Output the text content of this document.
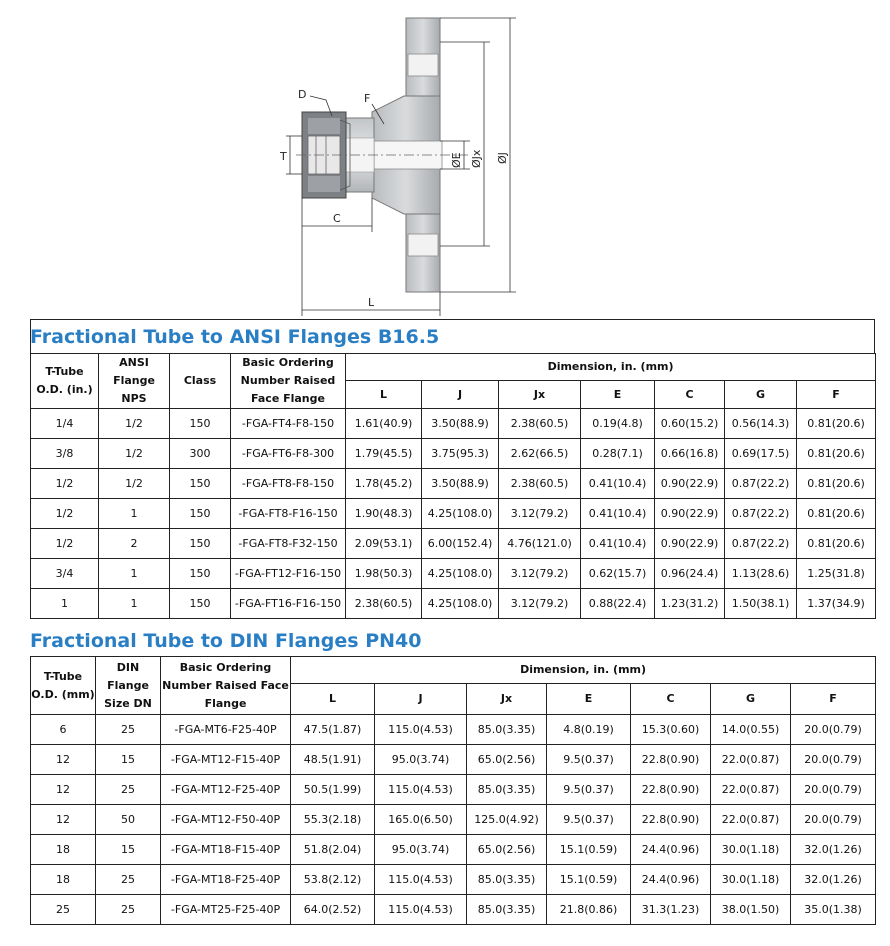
D	F
T
C
L
ØE ØJx ØJ
Fractional Tube to ANSI Flanges B16.5
T-Tube O.D. (in.)	ANSI Flange NPS	Class	Basic Ordering Number Raised Face Flange	Dimension, in. (mm)						
				L	J	Jx	E	C	G	F
1/4	1/2	150	-FGA-FT4-F8-150	1.61(40.9)	3.50(88.9)	2.38(60.5)	0.19(4.8)	0.60(15.2)	0.56(14.3)	0.81(20.6)
3/8	1/2	300	-FGA-FT6-F8-300	1.79(45.5)	3.75(95.3)	2.62(66.5)	0.28(7.1)	0.66(16.8)	0.69(17.5)	0.81(20.6)
1/2	1/2	150	-FGA-FT8-F8-150	1.78(45.2)	3.50(88.9)	2.38(60.5)	0.41(10.4)	0.90(22.9)	0.87(22.2)	0.81(20.6)
1/2	1	150	-FGA-FT8-F16-150	1.90(48.3)	4.25(108.0)	3.12(79.2)	0.41(10.4)	0.90(22.9)	0.87(22.2)	0.81(20.6)
1/2	2	150	-FGA-FT8-F32-150	2.09(53.1)	6.00(152.4)	4.76(121.0)	0.41(10.4)	0.90(22.9)	0.87(22.2)	0.81(20.6)
3/4	1	150	-FGA-FT12-F16-150	1.98(50.3)	4.25(108.0)	3.12(79.2)	0.62(15.7)	0.96(24.4)	1.13(28.6)	1.25(31.8)
1	1	150	-FGA-FT16-F16-150	2.38(60.5)	4.25(108.0)	3.12(79.2)	0.88(22.4)	1.23(31.2)	1.50(38.1)	1.37(34.9)
Fractional Tube to DIN Flanges PN40
T-Tube O.D. (mm)	DIN Flange Size DN	Basic Ordering Number Raised Face Flange	Dimension, in. (mm)						
			L	J	Jx	E	C	G	F
6	25	-FGA-MT6-F25-40P	47.5(1.87)	115.0(4.53)	85.0(3.35)	4.8(0.19)	15.3(0.60)	14.0(0.55)	20.0(0.79)
12	15	-FGA-MT12-F15-40P	48.5(1.91)	95.0(3.74)	65.0(2.56)	9.5(0.37)	22.8(0.90)	22.0(0.87)	20.0(0.79)
12	25	-FGA-MT12-F25-40P	50.5(1.99)	115.0(4.53)	85.0(3.35)	9.5(0.37)	22.8(0.90)	22.0(0.87)	20.0(0.79)
12	50	-FGA-MT12-F50-40P	55.3(2.18)	165.0(6.50)	125.0(4.92)	9.5(0.37)	22.8(0.90)	22.0(0.87)	20.0(0.79)
18	15	-FGA-MT18-F15-40P	51.8(2.04)	95.0(3.74)	65.0(2.56)	15.1(0.59)	24.4(0.96)	30.0(1.18)	32.0(1.26)
18	25	-FGA-MT18-F25-40P	53.8(2.12)	115.0(4.53)	85.0(3.35)	15.1(0.59)	24.4(0.96)	30.0(1.18)	32.0(1.26)
25	25	-FGA-MT25-F25-40P	64.0(2.52)	115.0(4.53)	85.0(3.35)	21.8(0.86)	31.3(1.23)	38.0(1.50)	35.0(1.38)
